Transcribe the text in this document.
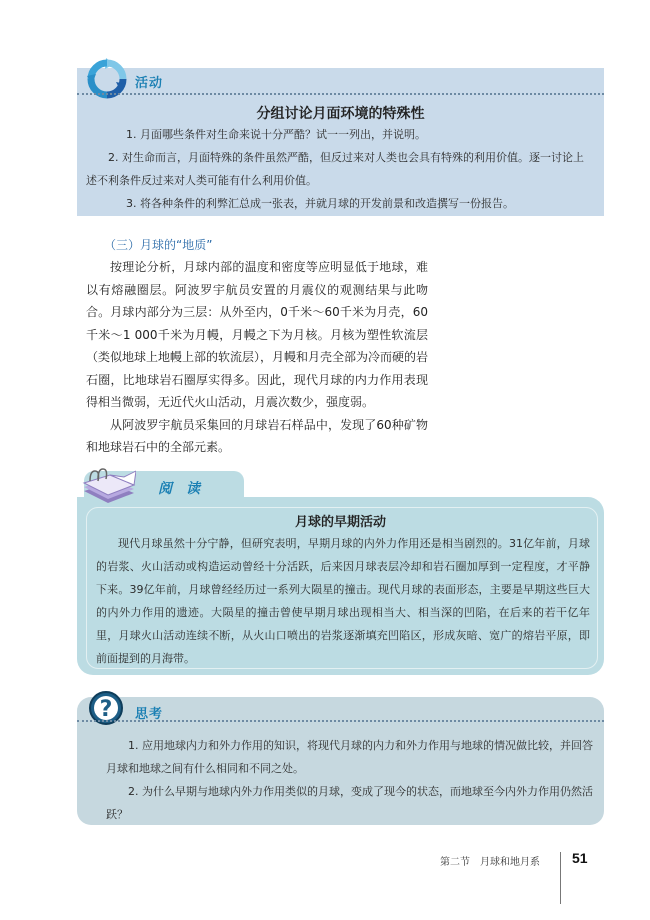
活动
分组讨论月面环境的特殊性

1. 月面哪些条件对生命来说十分严酷？试一一列出，并说明。

2. 对生命而言，月面特殊的条件虽然严酷，但反过来对人类也会具有特殊的利用价值。逐一讨论上述不利条件反过来对人类可能有什么利用价值。

3. 将各种条件的利弊汇总成一张表，并就月球的开发前景和改造撰写一份报告。

（三）月球的“地质”

按理论分析，月球内部的温度和密度等应明显低于地球，难以有熔融圈层。阿波罗宇航员安置的月震仪的观测结果与此吻合。月球内部分为三层：从外至内，0千米～60千米为月壳，60千米～1 000千米为月幔，月幔之下为月核。月核为塑性软流层（类似地球上地幔上部的软流层），月幔和月壳全部为冷而硬的岩石圈，比地球岩石圈厚实得多。因此，现代月球的内力作用表现得相当微弱，无近代火山活动，月震次数少，强度弱。

从阿波罗宇航员采集回的月球岩石样品中，发现了60种矿物和地球岩石中的全部元素。

阅读
月球的早期活动

现代月球虽然十分宁静，但研究表明，早期月球的内外力作用还是相当剧烈的。31亿年前，月球的岩浆、火山活动或构造运动曾经十分活跃，后来因月球表层冷却和岩石圈加厚到一定程度，才平静下来。39亿年前，月球曾经经历过一系列大陨星的撞击。现代月球的表面形态，主要是早期这些巨大的内外力作用的遗迹。大陨星的撞击曾使早期月球出现相当大、相当深的凹陷，在后来的若干亿年里，月球火山活动连续不断，从火山口喷出的岩浆逐渐填充凹陷区，形成灰暗、宽广的熔岩平原，即前面提到的月海带。

? 思考

1. 应用地球内力和外力作用的知识，将现代月球的内力和外力作用与地球的情况做比较，并回答月球和地球之间有什么相同和不同之处。

2. 为什么早期与地球内外力作用类似的月球，变成了现今的状态，而地球至今内外力作用仍然活跃？

第二节　月球和地月系 51
